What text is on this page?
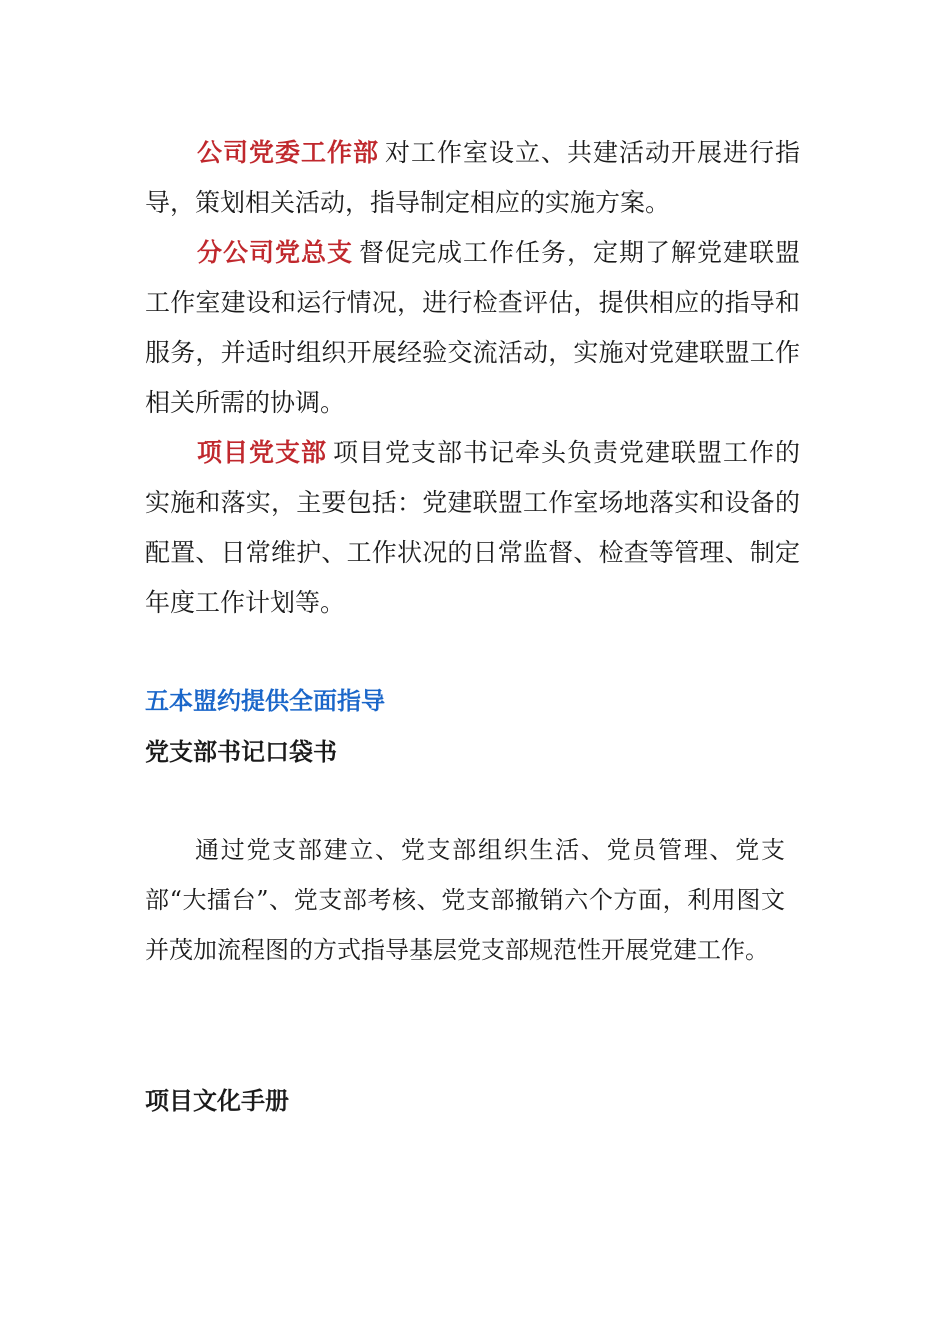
公司党委工作部 对工作室设立、共建活动开展进行指导，策划相关活动，指导制定相应的实施方案。

分公司党总支 督促完成工作任务，定期了解党建联盟工作室建设和运行情况，进行检查评估，提供相应的指导和服务，并适时组织开展经验交流活动，实施对党建联盟工作相关所需的协调。

项目党支部 项目党支部书记牵头负责党建联盟工作的实施和落实，主要包括：党建联盟工作室场地落实和设备的配置、日常维护、工作状况的日常监督、检查等管理、制定年度工作计划等。

五本盟约提供全面指导
党支部书记口袋书

通过党支部建立、党支部组织生活、党员管理、党支部“大擂台”、党支部考核、党支部撤销六个方面，利用图文并茂加流程图的方式指导基层党支部规范性开展党建工作。

项目文化手册
